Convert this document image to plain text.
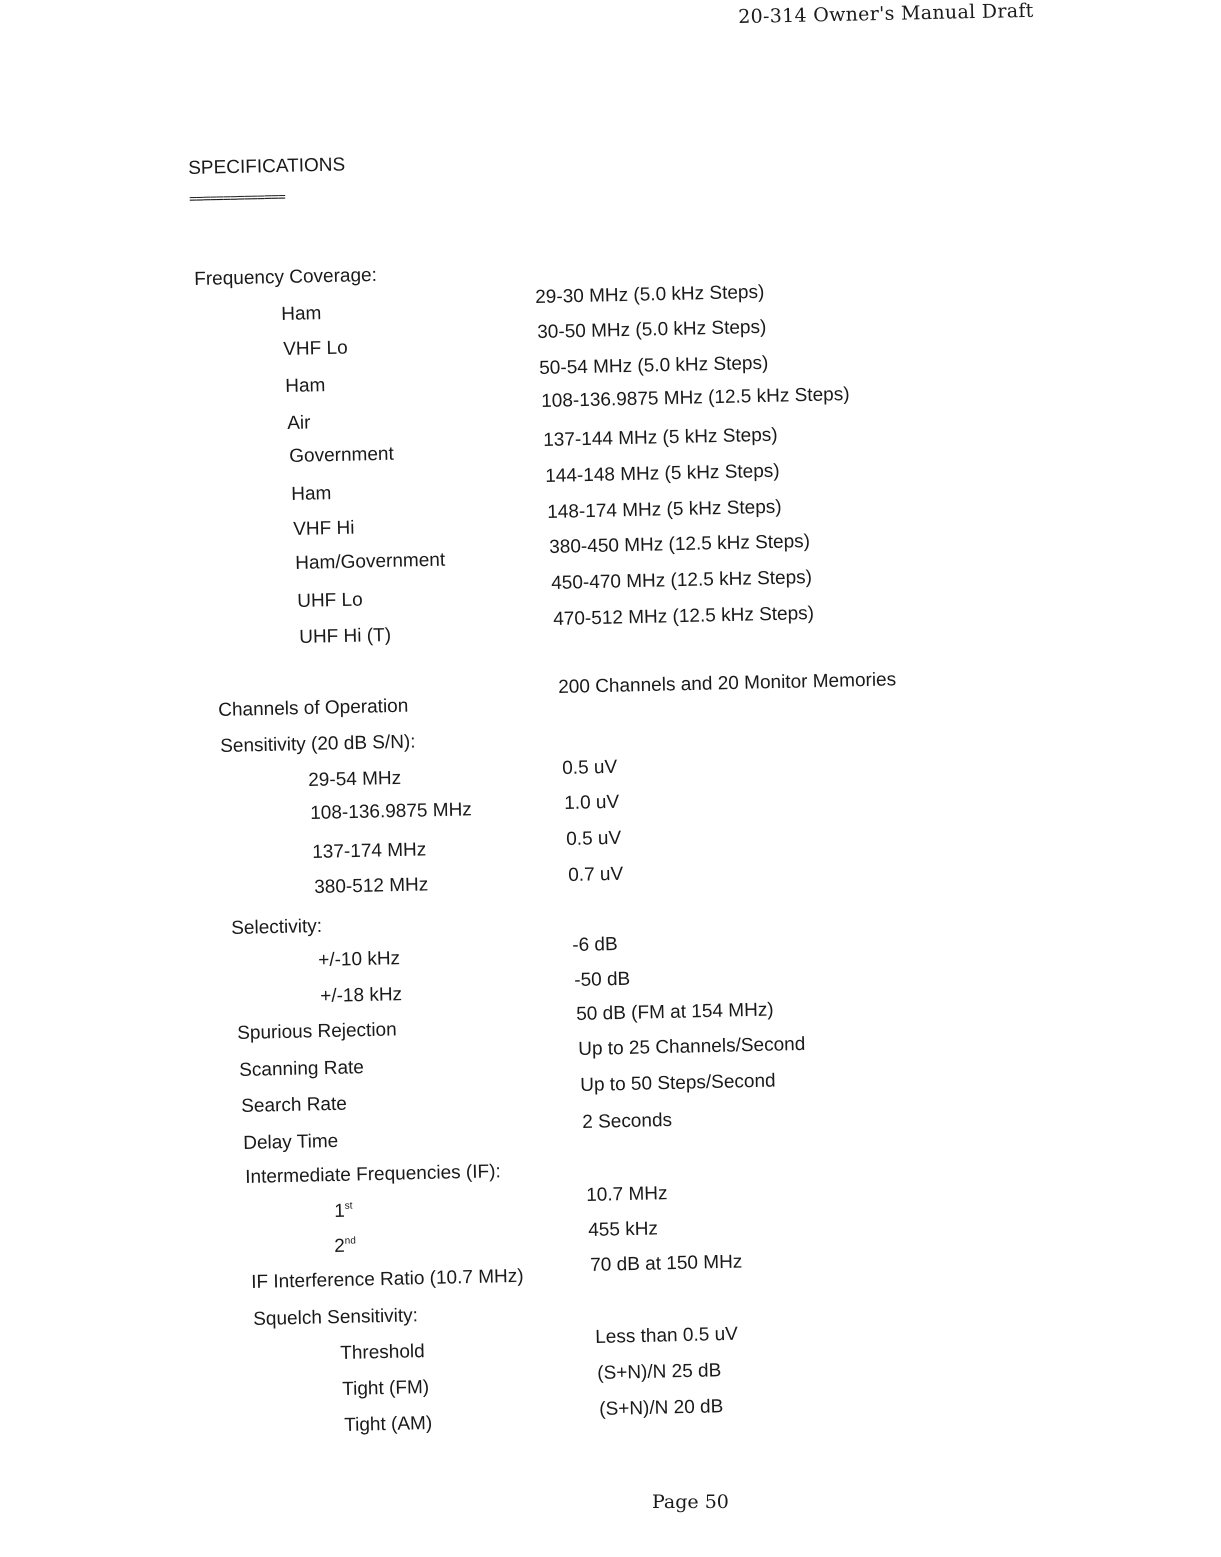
20-314 Owner's Manual Draft
SPECIFICATIONS
==============
Frequency Coverage:
Ham
29-30 MHz (5.0 kHz Steps)
VHF Lo
30-50 MHz (5.0 kHz Steps)
Ham
50-54 MHz (5.0 kHz Steps)
Air
108-136.9875 MHz (12.5 kHz Steps)
Government
137-144 MHz (5 kHz Steps)
Ham
144-148 MHz (5 kHz Steps)
VHF Hi
148-174 MHz (5 kHz Steps)
Ham/Government
380-450 MHz (12.5 kHz Steps)
UHF Lo
450-470 MHz (12.5 kHz Steps)
UHF Hi (T)
470-512 MHz (12.5 kHz Steps)
Channels of Operation
200 Channels and 20 Monitor Memories
Sensitivity (20 dB S/N):
29-54 MHz
0.5 uV
108-136.9875 MHz	1.0 uV
137-174 MHz
0.5 uV
380-512 MHz	0.7 uV
Selectivity:
+/-10 kHz
-6 dB
+/-18 kHz
-50 dB
Spurious Rejection
50 dB (FM at 154 MHz)
Scanning Rate
Up to 25 Channels/Second
Search Rate
Up to 50 Steps/Second
Delay Time
2 Seconds
Intermediate Frequencies (IF):
1st
10.7 MHz
2nd
455 kHz
IF Interference Ratio (10.7 MHz)
70 dB at 150 MHz
Squelch Sensitivity:
Threshold
Less than 0.5 uV
Tight (FM)
(S+N)/N 25 dB
Tight (AM)
(S+N)/N 20 dB
Page 50
